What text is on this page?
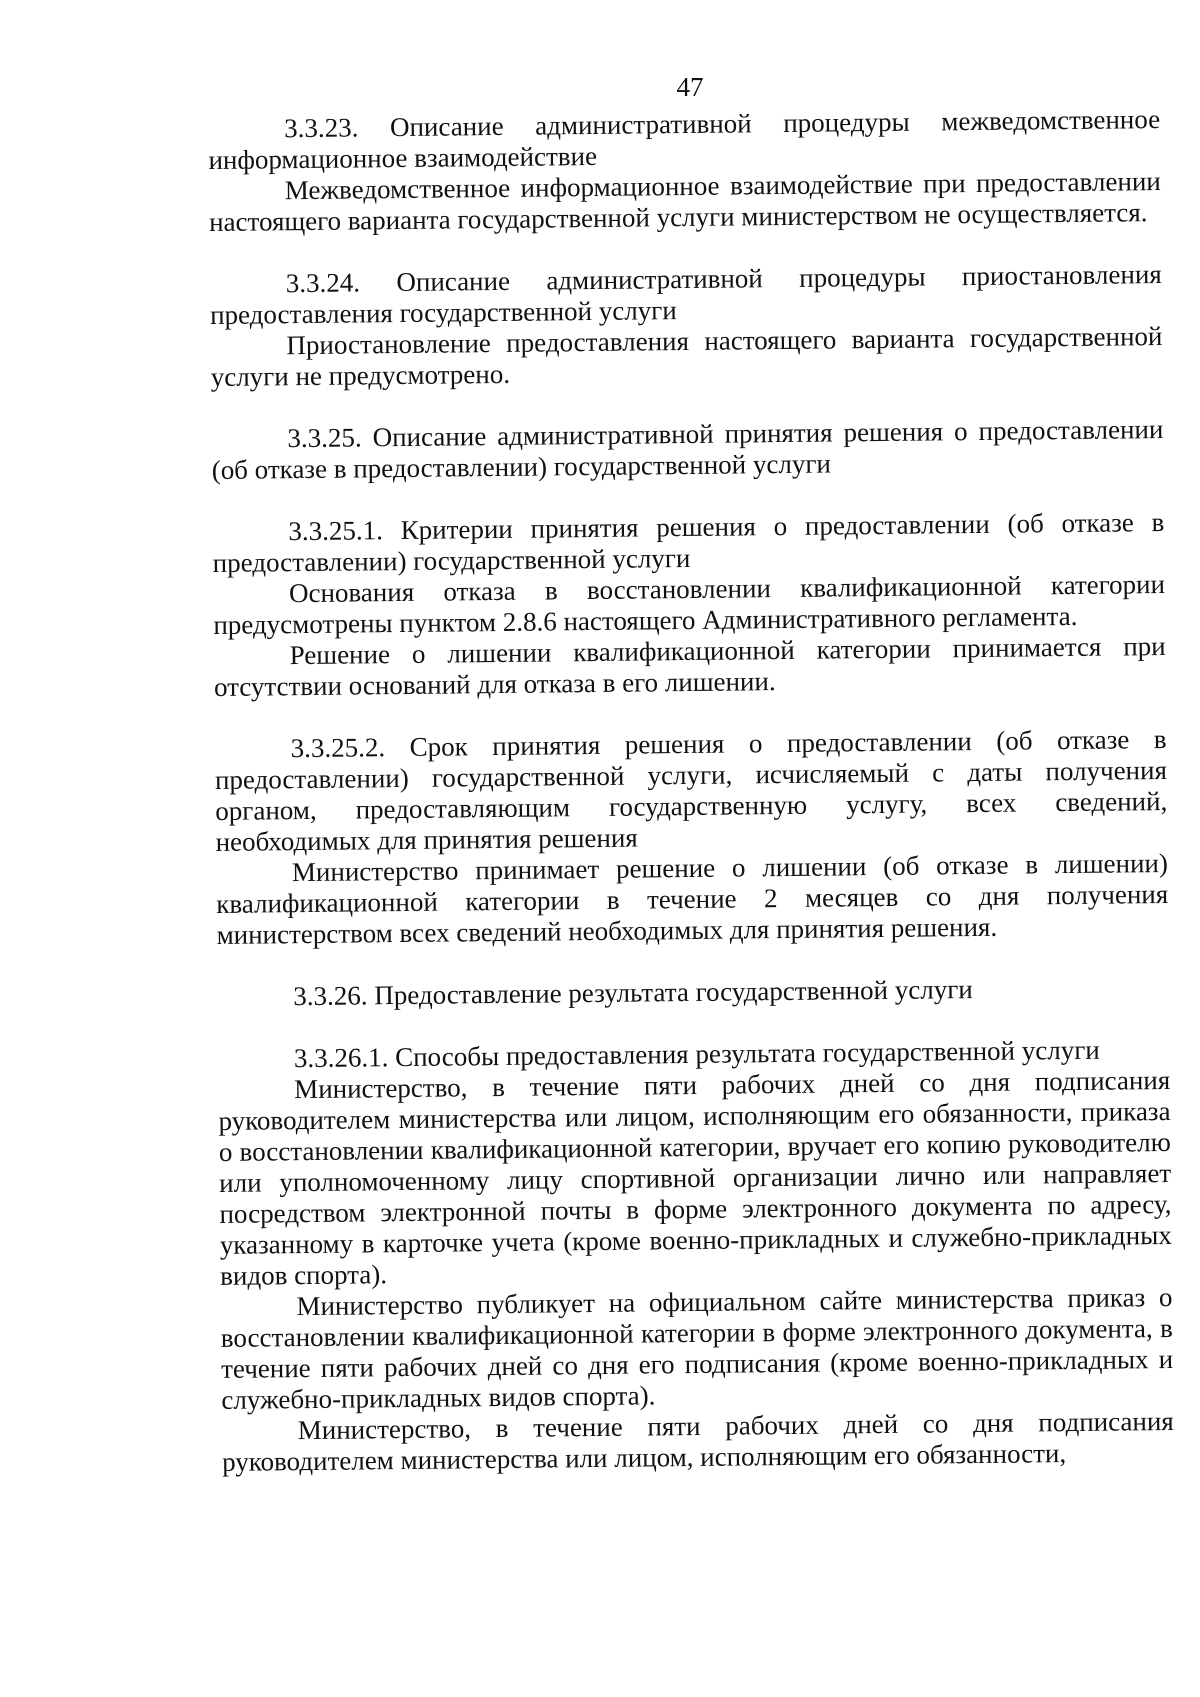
47

3.3.23. Описание административной процедуры межведомственное информационное взаимодействие

Межведомственное информационное взаимодействие при предоставлении настоящего варианта государственной услуги министерством не осуществляется.

3.3.24. Описание административной процедуры приостановления предоставления государственной услуги

Приостановление предоставления настоящего варианта государственной услуги не предусмотрено.

3.3.25. Описание административной принятия решения о предоставлении (об отказе в предоставлении) государственной услуги

3.3.25.1. Критерии принятия решения о предоставлении (об отказе в предоставлении) государственной услуги

Основания отказа в восстановлении квалификационной категории предусмотрены пунктом 2.8.6 настоящего Административного регламента.

Решение о лишении квалификационной категории принимается при отсутствии оснований для отказа в его лишении.

3.3.25.2. Срок принятия решения о предоставлении (об отказе в предоставлении) государственной услуги, исчисляемый с даты получения органом, предоставляющим государственную услугу, всех сведений, необходимых для принятия решения

Министерство принимает решение о лишении (об отказе в лишении) квалификационной категории в течение 2 месяцев со дня получения министерством всех сведений необходимых для принятия решения.

3.3.26. Предоставление результата государственной услуги

3.3.26.1. Способы предоставления результата государственной услуги

Министерство, в течение пяти рабочих дней со дня подписания руководителем министерства или лицом, исполняющим его обязанности, приказа о восстановлении квалификационной категории, вручает его копию руководителю или уполномоченному лицу спортивной организации лично или направляет посредством электронной почты в форме электронного документа по адресу, указанному в карточке учета (кроме военно-прикладных и служебно-прикладных видов спорта).

Министерство публикует на официальном сайте министерства приказ о восстановлении квалификационной категории в форме электронного документа, в течение пяти рабочих дней со дня его подписания (кроме военно-прикладных и служебно-прикладных видов спорта).

Министерство, в течение пяти рабочих дней со дня подписания руководителем министерства или лицом, исполняющим его обязанности,
